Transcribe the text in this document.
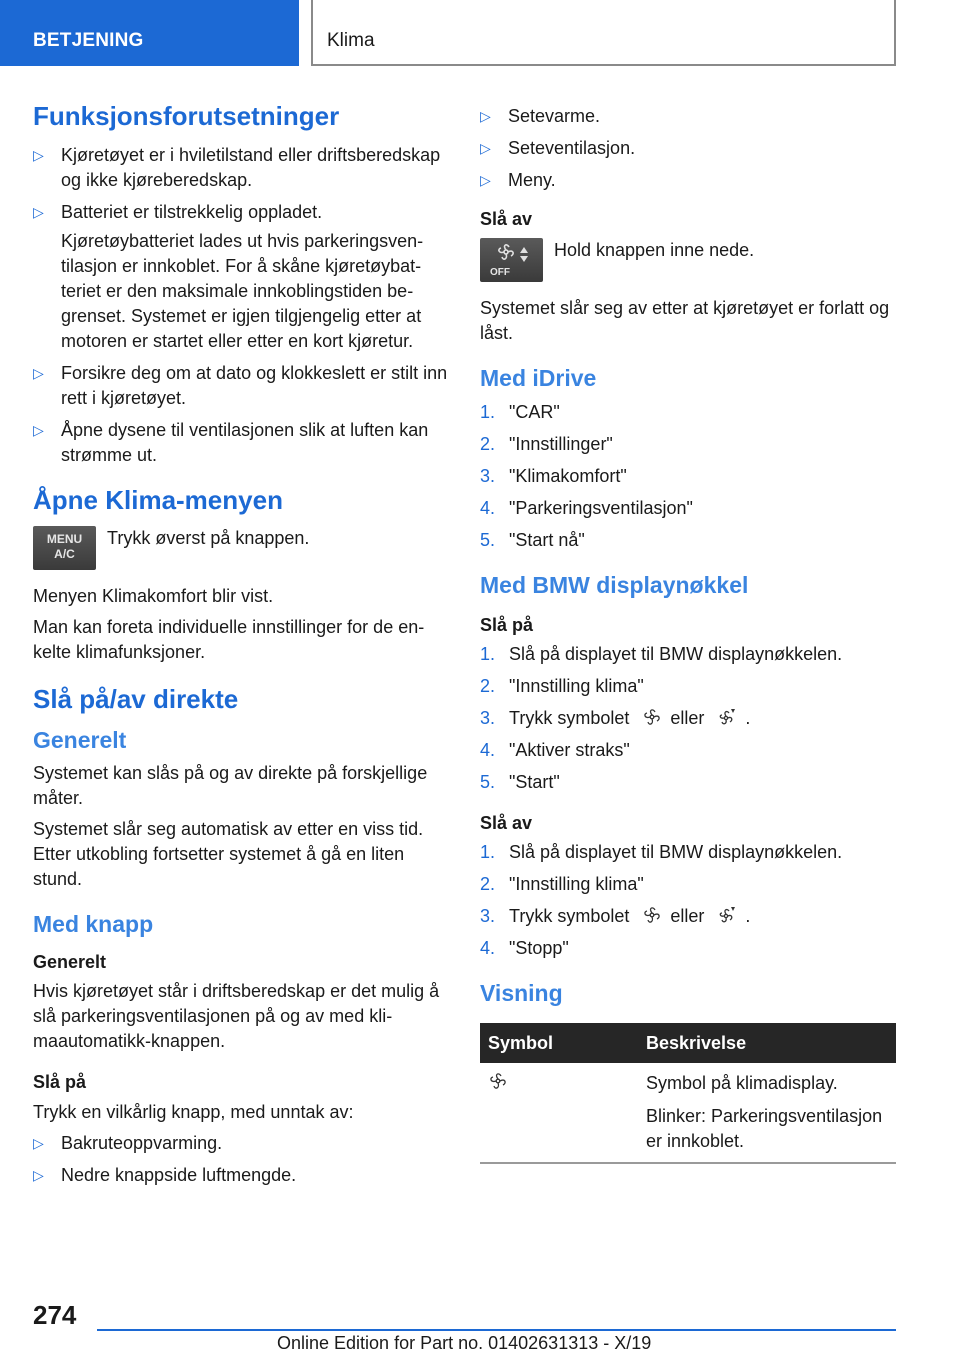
BETJENING	Klima
Funksjonsforutsetninger
▷ Kjøretøyet er i hviletilstand eller driftsberedskap og ikke kjøreberedskap.
▷ Batteriet er tilstrekkelig oppladet.

Kjøretøybatteriet lades ut hvis parkeringsventilasjon er innkoblet. For å skåne kjøretøybatteriet er den maksimale innkoblingstiden begrenset. Systemet er igjen tilgjengelig etter at motoren er startet eller etter en kort kjøretur.

▷ Forsikre deg om at dato og klokkeslett er stilt inn rett i kjøretøyet.
▷ Åpne dysene til ventilasjonen slik at luften kan strømme ut.
Åpne Klima-menyen
MENU
A/C
Trykk øverst på knappen.

Menyen Klimakomfort blir vist.

Man kan foreta individuelle innstillinger for de enkelte klimafunksjoner.

Slå på/av direkte
Generelt

Systemet kan slås på og av direkte på forskjellige måter.

Systemet slår seg automatisk av etter en viss tid. Etter utkobling fortsetter systemet å gå en liten stund.

Med knapp
Generelt

Hvis kjøretøyet står i driftsberedskap er det mulig å slå parkeringsventilasjonen på og av med klimaautomatikk-knappen.

Slå på

Trykk en vilkårlig knapp, med unntak av:

▷ Bakruteoppvarming.
▷ Nedre knappside luftmengde.
▷ Setevarme.
▷ Seteventilasjon.
▷ Meny.
Slå av
OFF
Hold knappen inne nede.

Systemet slår seg av etter at kjøretøyet er forlatt og låst.

Med iDrive
1. "CAR"
2. "Innstillinger"
3. "Klimakomfort"
4. "Parkeringsventilasjon"
5. "Start nå"
Med BMW displaynøkkel
Slå på
1. Slå på displayet til BMW displaynøkkelen.
2. "Innstilling klima"
3. Trykk symbolet eller .
4. "Aktiver straks"
5. "Start"
Slå av
1. Slå på displayet til BMW displaynøkkelen.
2. "Innstilling klima"
3. Trykk symbolet eller .
4. "Stopp"
Visning
Symbol	Beskrivelse

Symbol på klimadisplay.
Blinker: Parkeringsventilasjon er innkoblet.
274
Online Edition for Part no. 01402631313 - X/19
